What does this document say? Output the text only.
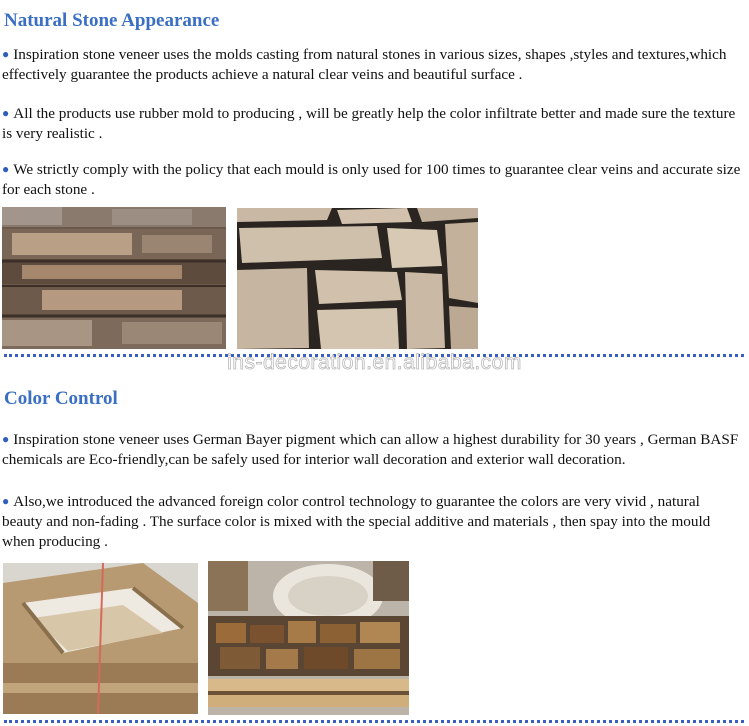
Natural Stone Appearance

● Inspiration stone veneer uses the molds casting from natural stones in various sizes, shapes ,styles and textures,which effectively guarantee the products achieve a natural clear veins and beautiful surface .

● All the products use rubber mold to producing , will be greatly help the color infiltrate better and made sure the texture is very realistic .

● We strictly comply with the policy that each mould is only used for 100 times to guarantee clear veins and accurate size for each stone .

ins-decoration.en.alibaba.com
Color Control

● Inspiration stone veneer uses German Bayer pigment which can allow a highest durability for 30 years , German BASF chemicals are Eco-friendly,can be safely used for interior wall decoration and exterior wall decoration.

● Also,we introduced the advanced foreign color control technology to guarantee the colors are very vivid , natural beauty and non-fading . The surface color is mixed with the special additive and materials , then spay into the mould when producing .
